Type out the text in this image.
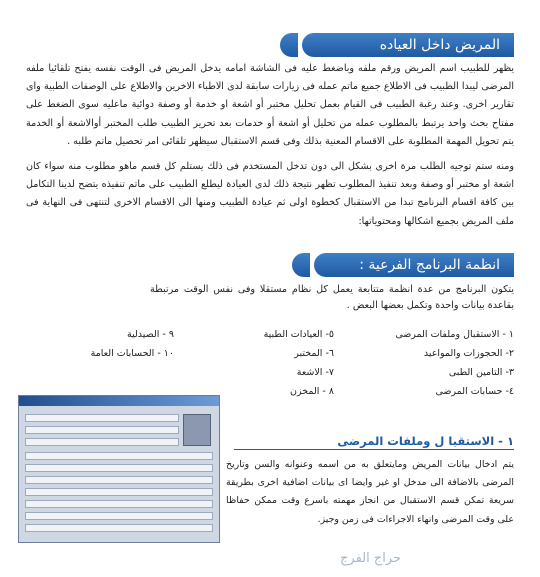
المريض داخل العياده
يظهر للطبيب اسم المريض ورقم ملفه وباضغط عليه فى الشاشة امامه يدخل المريض فى الوقت نفسه يفتح تلقائيا ملفه المرضى ليبدا الطبيب فى الاطلاع جميع ماتم عمله فى زيارات سابقة لدى الاطباء الاخرين والاطلاع على الوصفات الطبية واى تقارير اخرى. وعند رغبة الطبيب فى القيام بعمل تحليل مختبر أو اشعة او خدمة أو وصفة دوائية ماعليه سوى الضغط على مفتاح بحث واحد يرتبط بالمطلوب عمله من تحليل أو اشعة أو خدمات بعد تحرير الطبيب طلب المختبر أوالاشعة أو الخدمة يتم تحويل المهمة المطلوبة على الاقسام المعنية بذلك وفى قسم الاستقبال سيظهر تلقائى امر تحصيل ماتم طلبه .
ومنه ستم توجيه الطلب مرة اخرى بشكل الى دون تدخل المستخدم فى ذلك يستلم كل قسم ماهو مطلوب منه سواء كان اشعة او مختبر أو وصفة وبعد تنفيذ المطلوب تظهر نتيجة ذلك لدى العيادة ليطلع الطبيب على ماتم تنفيذه يتضح لدينا التكامل بين كافة اقسام البرنامج تبدا من الاستقبال كخطوة اولى ثم عيادة الطبيب ومنها الى الاقسام الاخرى لتنتهى فى النهاية فى ملف المريض بجميع اشكالها ومحتوياتها:
انظمة البرنامج الفرعية :
يتكون البرنامج من عدة انظمة متتابعة يعمل كل نظام مستقلا وفى نفس الوقت مرتبطة بقاعدة بيانات واحدة وتكمل بعضها البعض .
١ - الاستقبال وملفات المرضى
٢- الحجوزات والمواعيد
٣- التامين الطبى
٤- حسابات المرضى
٥- العيادات الطبية
٦- المختبر
٧- الاشعة
٨ - المخزن
٩ - الصيدلية
١٠ - الحسابات العامة
١ - الاستقبا ل وملفات المرضى
يتم ادخال بيانات المريض ومايتعلق به من اسمه وعنوانه والسن وتاريخ المرضى بالاضافة الى مدخل او غير وايضا اى بيانات اضافية اخرى بطريقة سريعة تمكن قسم الاستقبال من انجاز مهمته باسرع وقت ممكن حفاظا على وقت المرضى وانهاء الاجراءات فى زمن وجيز.
حراج الفرج
